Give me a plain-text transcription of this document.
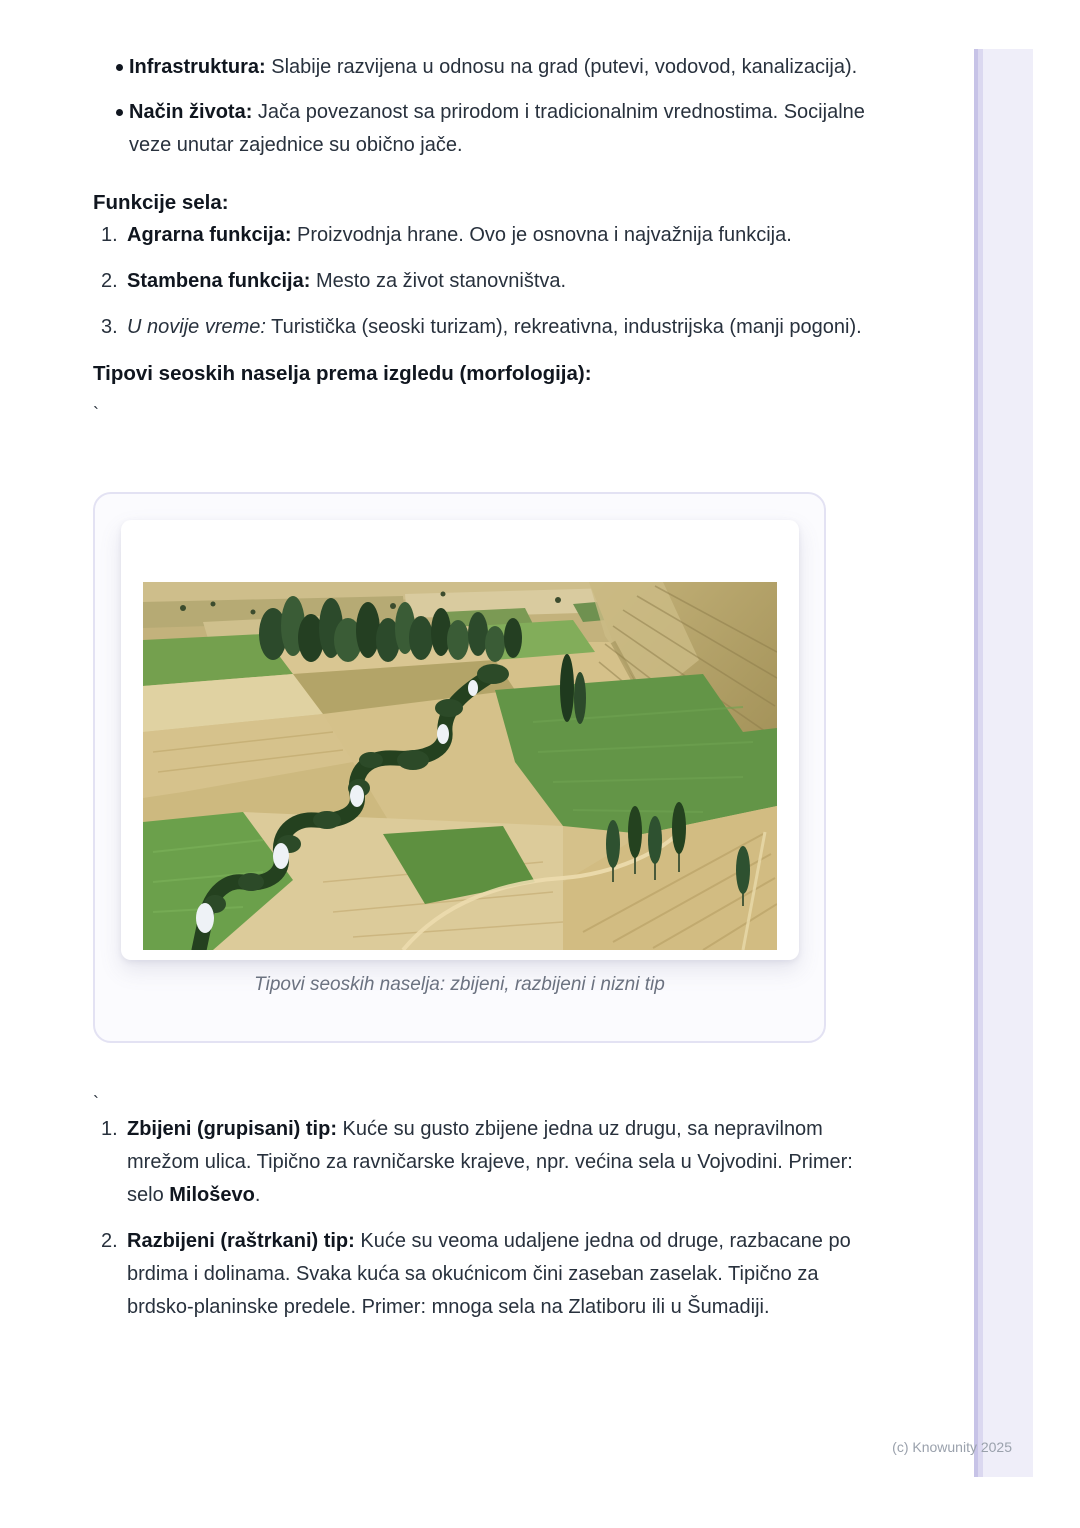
(c) Knowunity 2025
Infrastruktura: Slabije razvijena u odnosu na grad (putevi, vodovod, kanalizacija).
Način života: Jača povezanost sa prirodom i tradicionalnim vrednostima. Socijalne veze unutar zajednice su obično jače.
Funkcije sela:
Agrarna funkcija: Proizvodnja hrane. Ovo je osnovna i najvažnija funkcija.
Stambena funkcija: Mesto za život stanovništva.
U novije vreme: Turistička (seoski turizam), rekreativna, industrijska (manji pogoni).
Tipovi seoskih naselja prema izgledu (morfologija):
`
Tipovi seoskih naselja: zbijeni, razbijeni i nizni tip
`
Zbijeni (grupisani) tip: Kuće su gusto zbijene jedna uz drugu, sa nepravilnom mrežom ulica. Tipično za ravničarske krajeve, npr. većina sela u Vojvodini. Primer: selo Miloševo.
Razbijeni (raštrkani) tip: Kuće su veoma udaljene jedna od druge, razbacane po brdima i dolinama. Svaka kuća sa okućnicom čini zaseban zaselak. Tipično za brdsko-planinske predele. Primer: mnoga sela na Zlatiboru ili u Šumadiji.
